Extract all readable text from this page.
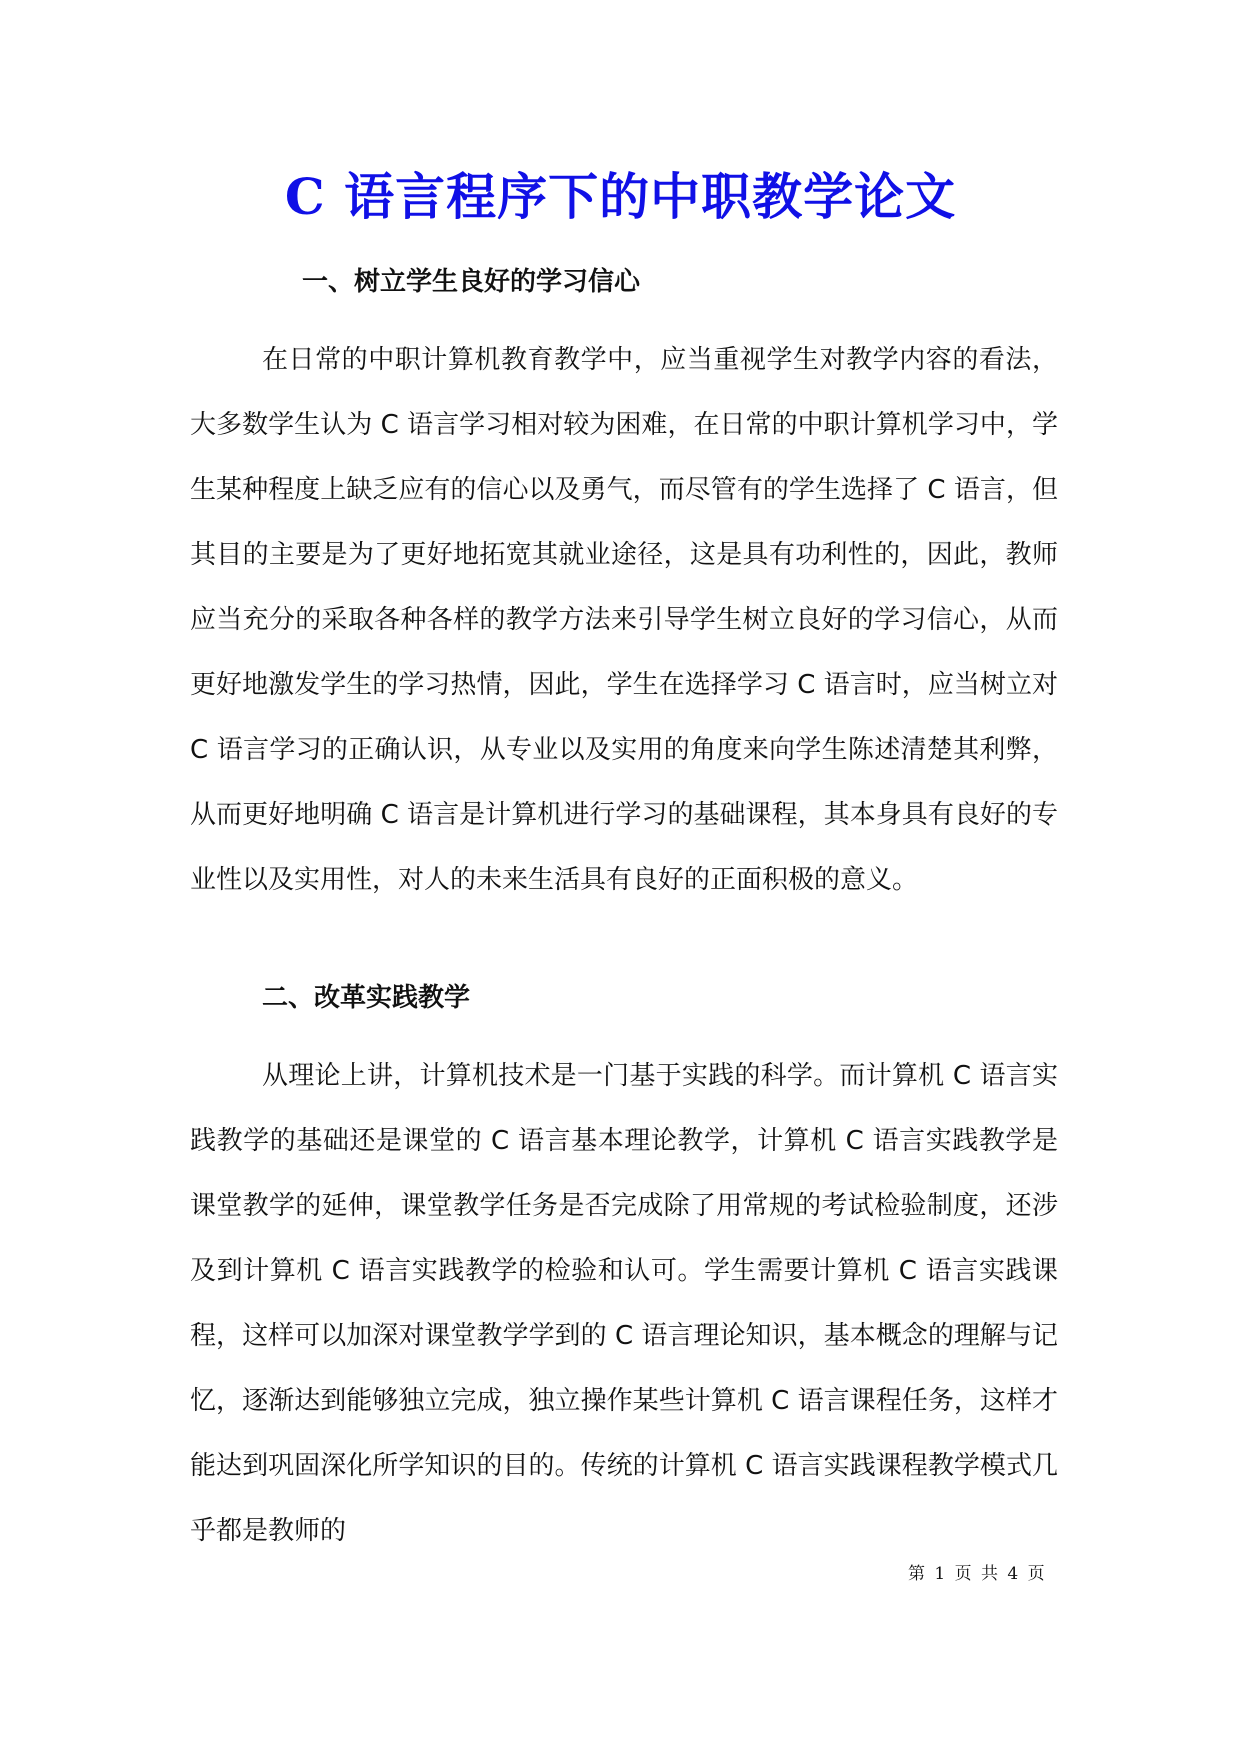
C 语言程序下的中职教学论文
一、树立学生良好的学习信心

在日常的中职计算机教育教学中，应当重视学生对教学内容的看法，大多数学生认为 C 语言学习相对较为困难，在日常的中职计算机学习中，学生某种程度上缺乏应有的信心以及勇气，而尽管有的学生选择了 C 语言，但其目的主要是为了更好地拓宽其就业途径，这是具有功利性的，因此，教师应当充分的采取各种各样的教学方法来引导学生树立良好的学习信心，从而更好地激发学生的学习热情，因此，学生在选择学习 C 语言时，应当树立对 C 语言学习的正确认识，从专业以及实用的角度来向学生陈述清楚其利弊，从而更好地明确 C 语言是计算机进行学习的基础课程，其本身具有良好的专业性以及实用性，对人的未来生活具有良好的正面积极的意义。

二、改革实践教学

从理论上讲，计算机技术是一门基于实践的科学。而计算机 C 语言实践教学的基础还是课堂的 C 语言基本理论教学，计算机 C 语言实践教学是课堂教学的延伸，课堂教学任务是否完成除了用常规的考试检验制度，还涉及到计算机 C 语言实践教学的检验和认可。学生需要计算机 C 语言实践课程，这样可以加深对课堂教学学到的 C 语言理论知识，基本概念的理解与记忆，逐渐达到能够独立完成，独立操作某些计算机 C 语言课程任务，这样才能达到巩固深化所学知识的目的。传统的计算机 C 语言实践课程教学模式几乎都是教师的

第 1 页 共 4 页
